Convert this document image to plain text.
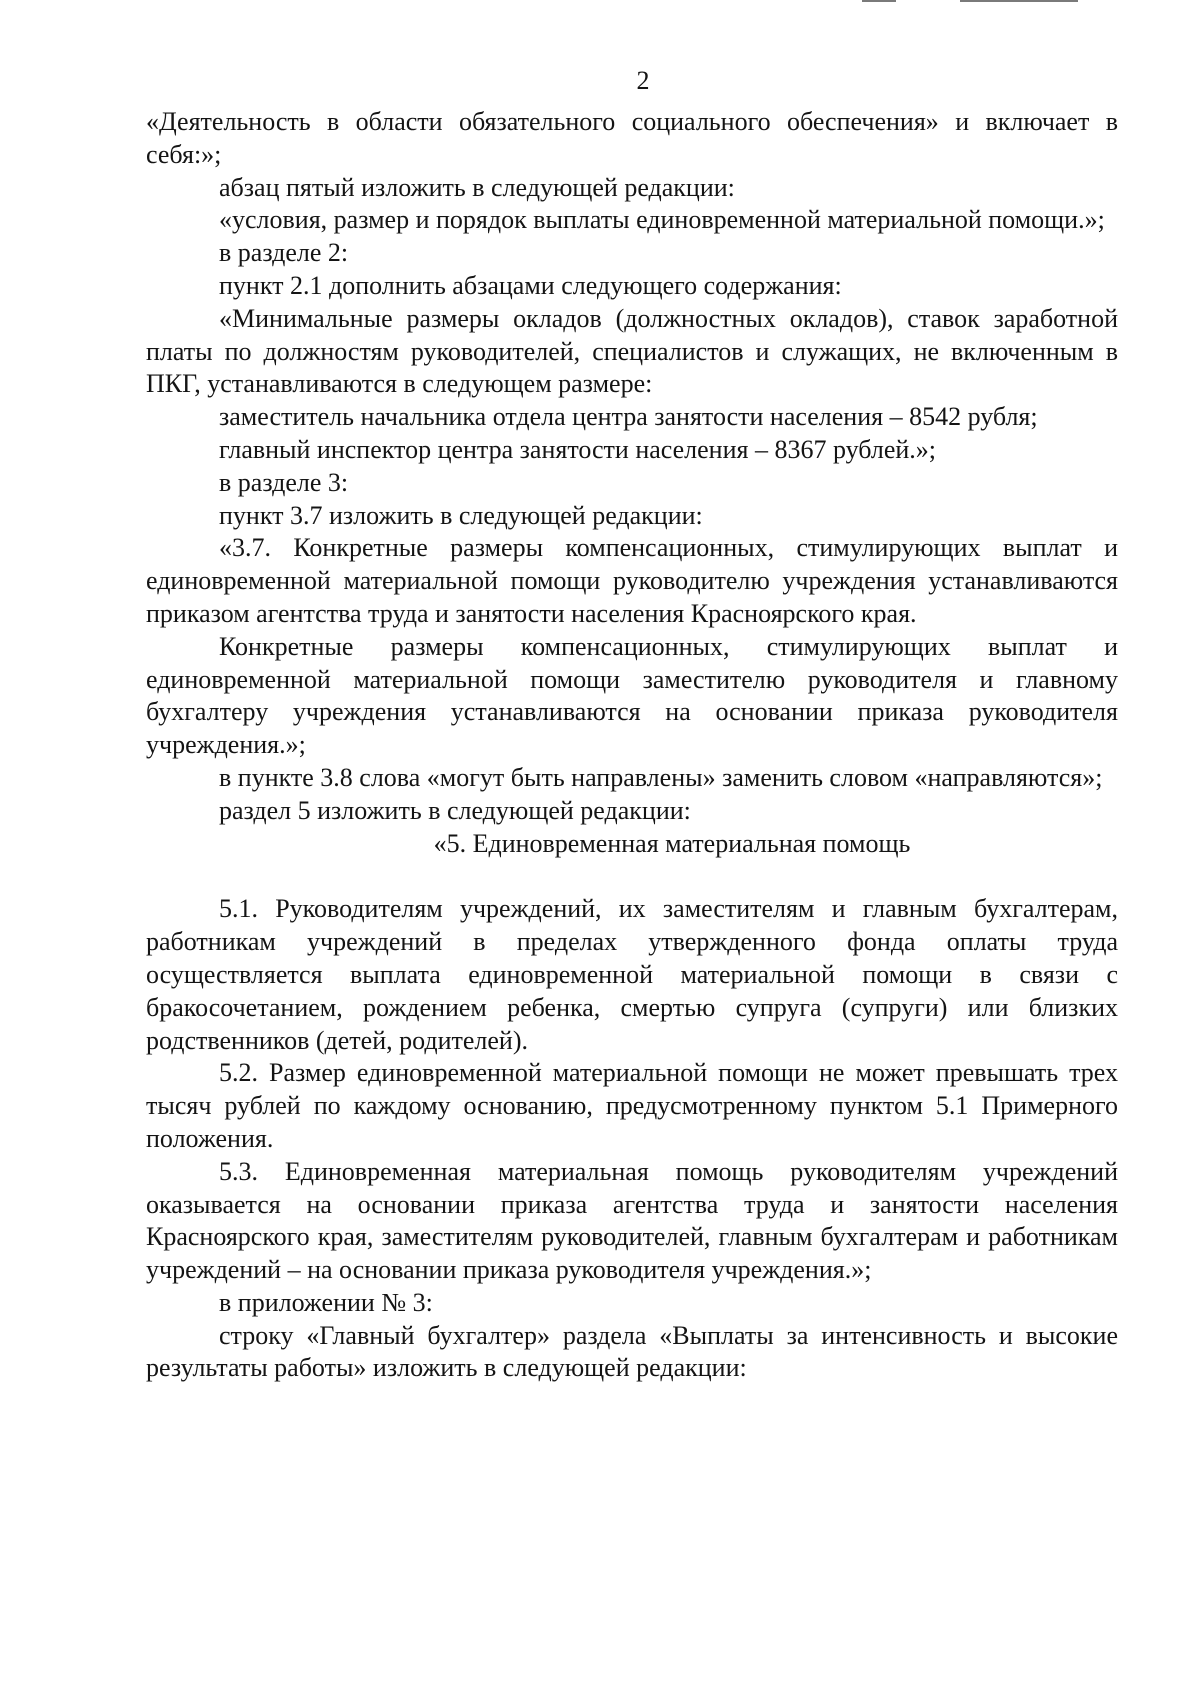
2

«Деятельность в области обязательного социального обеспечения» и включает в себя:»;

абзац пятый изложить в следующей редакции:

«условия, размер и порядок выплаты единовременной материальной помощи.»;

в разделе 2:

пункт 2.1 дополнить абзацами следующего содержания:

«Минимальные размеры окладов (должностных окладов), ставок заработной платы по должностям руководителей, специалистов и служащих, не включенным в ПКГ, устанавливаются в следующем размере:

заместитель начальника отдела центра занятости населения – 8542 рубля;

главный инспектор центра занятости населения – 8367 рублей.»;

в разделе 3:

пункт 3.7 изложить в следующей редакции:

«3.7. Конкретные размеры компенсационных, стимулирующих выплат и единовременной материальной помощи руководителю учреждения устанавливаются приказом агентства труда и занятости населения Красноярского края.

Конкретные размеры компенсационных, стимулирующих выплат и единовременной материальной помощи заместителю руководителя и главному бухгалтеру учреждения устанавливаются на основании приказа руководителя учреждения.»;

в пункте 3.8 слова «могут быть направлены» заменить словом «направляются»;

раздел 5 изложить в следующей редакции:

«5. Единовременная материальная помощь

5.1. Руководителям учреждений, их заместителям и главным бухгалтерам, работникам учреждений в пределах утвержденного фонда оплаты труда осуществляется выплата единовременной материальной помощи в связи с бракосочетанием, рождением ребенка, смертью супруга (супруги) или близких родственников (детей, родителей).

5.2. Размер единовременной материальной помощи не может превышать трех тысяч рублей по каждому основанию, предусмотренному пунктом 5.1 Примерного положения.

5.3. Единовременная материальная помощь руководителям учреждений оказывается на основании приказа агентства труда и занятости населения Красноярского края, заместителям руководителей, главным бухгалтерам и работникам учреждений – на основании приказа руководителя учреждения.»;

в приложении № 3:

строку «Главный бухгалтер» раздела «Выплаты за интенсивность и высокие результаты работы» изложить в следующей редакции:
